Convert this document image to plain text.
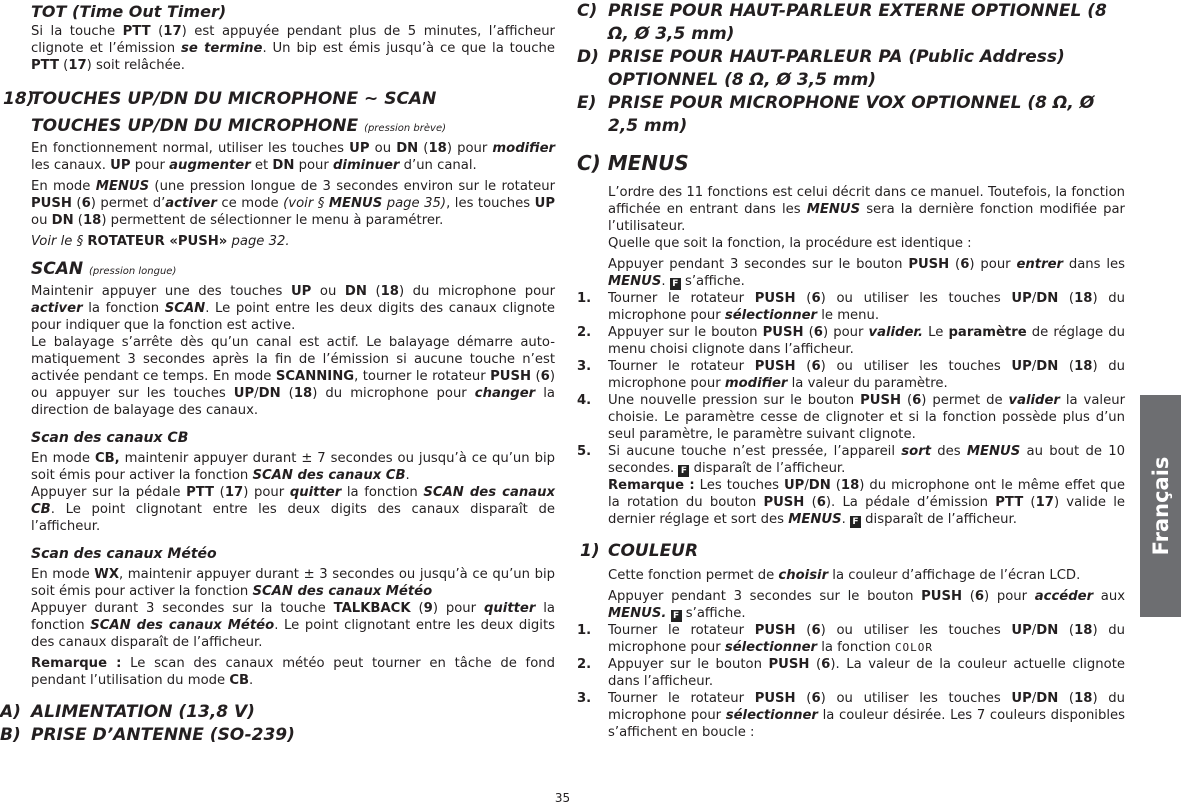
TOT (Time Out Timer)

Si la touche PTT (17) est appuyée pendant plus de 5 minutes, l’afficheur clignote et l’émission se termine. Un bip est émis jusqu’à ce que la touche PTT (17) soit relâchée.

18)
TOUCHES UP/DN DU MICROPHONE ~ SCAN

TOUCHES UP/DN DU MICROPHONE (pression brève)

En fonctionnement normal, utiliser les touches UP ou DN (18) pour modifier les canaux. UP pour augmenter et DN pour diminuer d’un canal.

En mode MENUS (une pression longue de 3 secondes environ sur le rotateur PUSH (6) permet d’activer ce mode (voir § MENUS page 35), les touches UP ou DN (18) permettent de sélectionner le menu à paramétrer.

Voir le § ROTATEUR «PUSH» page 32.

SCAN (pression longue)

Maintenir appuyer une des touches UP ou DN (18) du microphone pour activer la fonction SCAN. Le point entre les deux digits des canaux clignote pour indiquer que la fonction est active.

Le balayage s’arrête dès qu’un canal est actif. Le balayage démarre auto-matiquement 3 secondes après la fin de l’émission si aucune touche n’est activée pendant ce temps. En mode SCANNING, tourner le rotateur PUSH (6) ou appuyer sur les touches UP/DN (18) du microphone pour changer la direction de balayage des canaux.

Scan des canaux CB

En mode CB, maintenir appuyer durant ± 7 secondes ou jusqu’à ce qu’un bip soit émis pour activer la fonction SCAN des canaux CB.

Appuyer sur la pédale PTT (17) pour quitter la fonction SCAN des canaux CB. Le point clignotant entre les deux digits des canaux disparaît de l’afficheur.

Scan des canaux Météo

En mode WX, maintenir appuyer durant ± 3 secondes ou jusqu’à ce qu’un bip soit émis pour activer la fonction SCAN des canaux Météo

Appuyer durant 3 secondes sur la touche TALKBACK (9) pour quitter la fonction SCAN des canaux Météo. Le point clignotant entre les deux digits des canaux disparaît de l’afficheur.

Remarque : Le scan des canaux météo peut tourner en tâche de fond pendant l’utilisation du mode CB.

A) ALIMENTATION (13,8 V)

B) PRISE D’ANTENNE (SO-239)

C) PRISE POUR HAUT-PARLEUR EXTERNE OPTIONNEL (8 Ω, Ø 3,5 mm)

D) PRISE POUR HAUT-PARLEUR PA (Public Address) OPTIONNEL (8 Ω, Ø 3,5 mm)

E) PRISE POUR MICROPHONE VOX OPTIONNEL (8 Ω, Ø 2,5 mm)

C) MENUS

L’ordre des 11 fonctions est celui décrit dans ce manuel. Toutefois, la fonction affichée en entrant dans les MENUS sera la dernière fonction modifiée par l’utilisateur.

Quelle que soit la fonction, la procédure est identique :

Appuyer pendant 3 secondes sur le bouton PUSH (6) pour entrer dans les MENUS. F s’affiche.

1. Tourner le rotateur PUSH (6) ou utiliser les touches UP/DN (18) du microphone pour sélectionner le menu.

2. Appuyer sur le bouton PUSH (6) pour valider. Le paramètre de réglage du menu choisi clignote dans l’afficheur.

3. Tourner le rotateur PUSH (6) ou utiliser les touches UP/DN (18) du microphone pour modifier la valeur du paramètre.

4. Une nouvelle pression sur le bouton PUSH (6) permet de valider la valeur choisie. Le paramètre cesse de clignoter et si la fonction possède plus d’un seul paramètre, le paramètre suivant clignote.

5. Si aucune touche n’est pressée, l’appareil sort des MENUS au bout de 10 secondes. F disparaît de l’afficheur.

Remarque : Les touches UP/DN (18) du microphone ont le même effet que la rotation du bouton PUSH (6). La pédale d’émission PTT (17) valide le dernier réglage et sort des MENUS. F disparaît de l’afficheur.

1) COULEUR

Cette fonction permet de choisir la couleur d’affichage de l’écran LCD.

Appuyer pendant 3 secondes sur le bouton PUSH (6) pour accéder aux MENUS. F s’affiche.

1. Tourner le rotateur PUSH (6) ou utiliser les touches UP/DN (18) du microphone pour sélectionner la fonction COLOR

2. Appuyer sur le bouton PUSH (6). La valeur de la couleur actuelle clignote dans l’afficheur.

3. Tourner le rotateur PUSH (6) ou utiliser les touches UP/DN (18) du microphone pour sélectionner la couleur désirée. Les 7 couleurs disponibles s’affichent en boucle :

Français
35
